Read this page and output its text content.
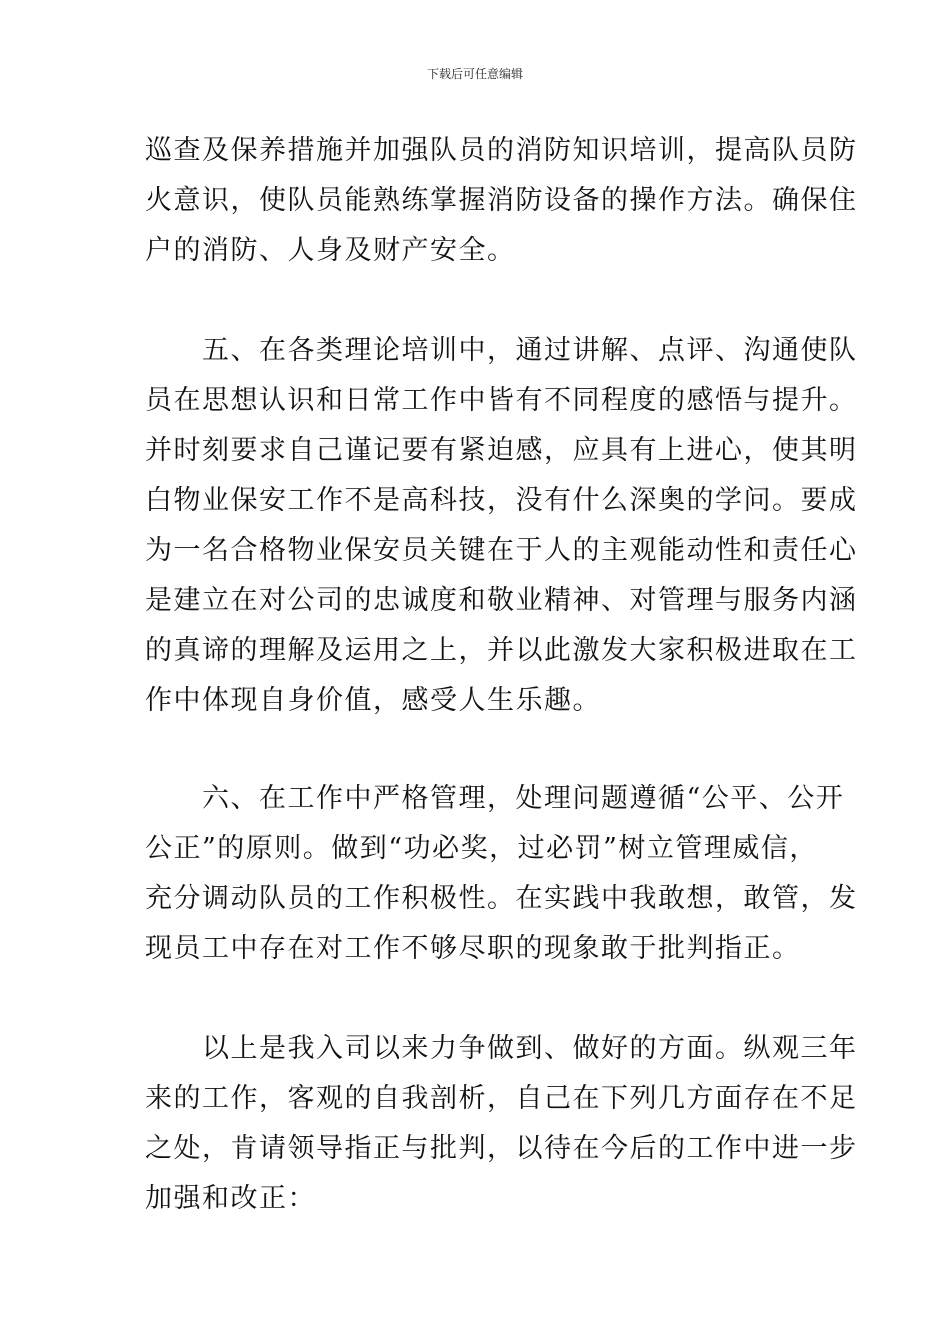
下载后可任意编辑

巡查及保养措施并加强队员的消防知识培训，提高队员防
火意识，使队员能熟练掌握消防设备的操作方法。确保住
户的消防、人身及财产安全。

　　五、在各类理论培训中，通过讲解、点评、沟通使队
员在思想认识和日常工作中皆有不同程度的感悟与提升。
并时刻要求自己谨记要有紧迫感，应具有上进心，使其明
白物业保安工作不是高科技，没有什么深奥的学问。要成
为一名合格物业保安员关键在于人的主观能动性和责任心
是建立在对公司的忠诚度和敬业精神、对管理与服务内涵
的真谛的理解及运用之上，并以此激发大家积极进取在工
作中体现自身价值，感受人生乐趣。

　　六、在工作中严格管理，处理问题遵循“公平、公开
公正”的原则。做到“功必奖，过必罚”树立管理威信，
充分调动队员的工作积极性。在实践中我敢想，敢管，发
现员工中存在对工作不够尽职的现象敢于批判指正。

　　以上是我入司以来力争做到、做好的方面。纵观三年
来的工作，客观的自我剖析，自己在下列几方面存在不足
之处，肯请领导指正与批判，以待在今后的工作中进一步
加强和改正：
